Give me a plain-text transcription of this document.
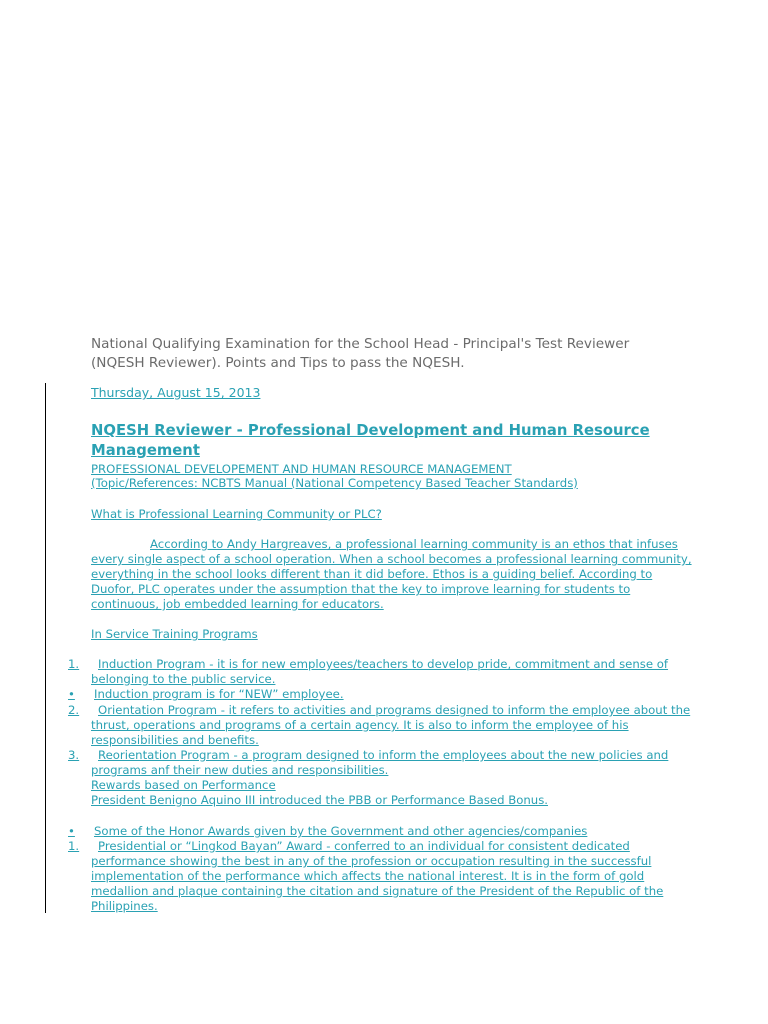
National Qualifying Examination for the School Head - Principal's Test Reviewer
(NQESH Reviewer). Points and Tips to pass the NQESH.
Thursday, August 15, 2013
NQESH Reviewer - Professional Development and Human Resource Management
PROFESSIONAL DEVELOPEMENT AND HUMAN RESOURCE MANAGEMENT
(Topic/References: NCBTS Manual (National Competency Based Teacher Standards)
What is Professional Learning Community or PLC?
According to Andy Hargreaves, a professional learning community is an ethos that infuses
every single aspect of a school operation. When a school becomes a professional learning community,
everything in the school looks different than it did before. Ethos is a guiding belief. According to
Duofor, PLC operates under the assumption that the key to improve learning for students to
continuous, job embedded learning for educators.
In Service Training Programs
1. Induction Program - it is for new employees/teachers to develop pride, commitment and sense of
belonging to the public service.
• Induction program is for “NEW” employee.
2. Orientation Program - it refers to activities and programs designed to inform the employee about the
thrust, operations and programs of a certain agency. It is also to inform the employee of his
responsibilities and benefits.
3. Reorientation Program - a program designed to inform the employees about the new policies and
programs anf their new duties and responsibilities.
Rewards based on Performance
President Benigno Aquino III introduced the PBB or Performance Based Bonus.
• Some of the Honor Awards given by the Government and other agencies/companies
1. Presidential or “Lingkod Bayan” Award - conferred to an individual for consistent dedicated
performance showing the best in any of the profession or occupation resulting in the successful
implementation of the performance which affects the national interest. It is in the form of gold
medallion and plaque containing the citation and signature of the President of the Republic of the
Philippines.
